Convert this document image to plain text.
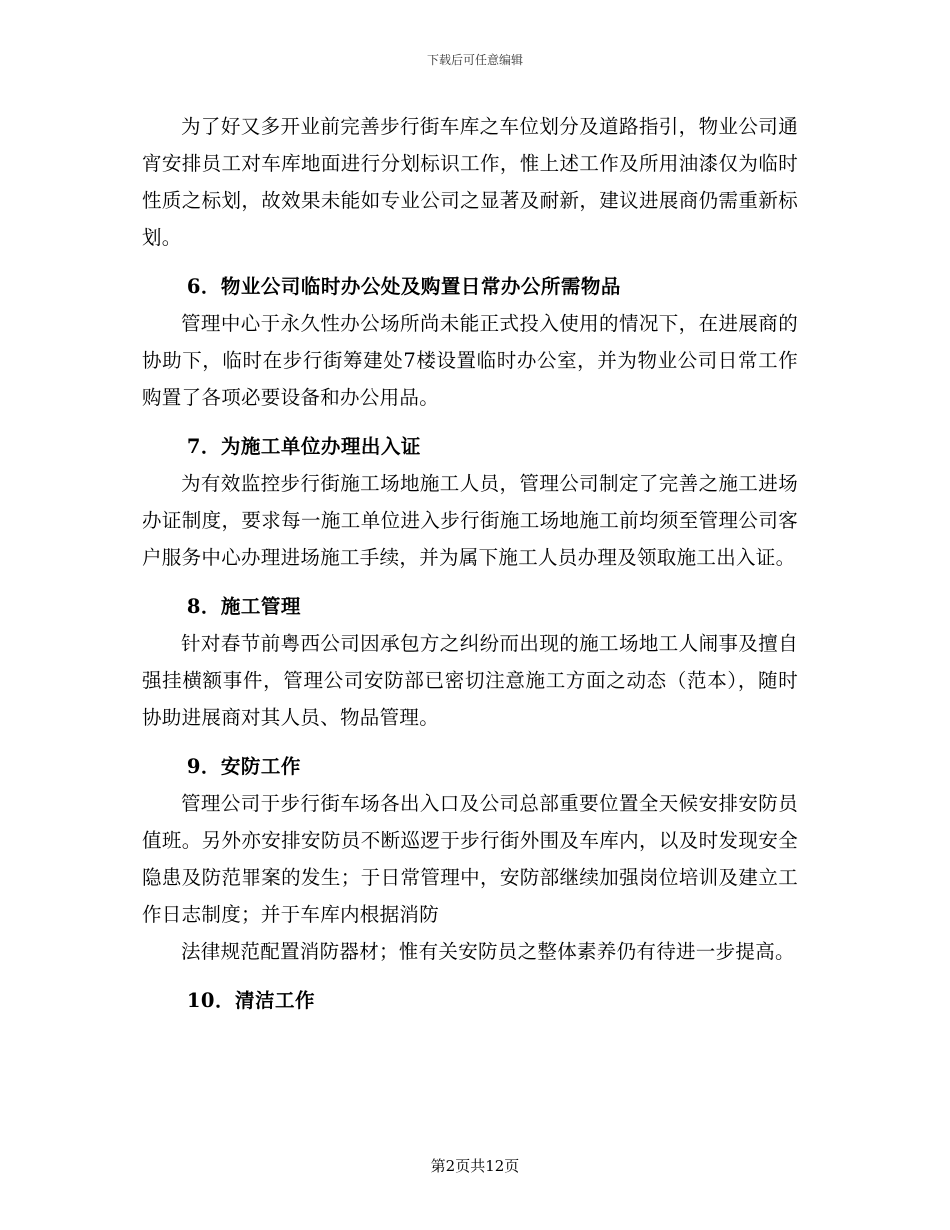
下载后可任意编辑

为了好又多开业前完善步行街车库之车位划分及道路指引，物业公司通宵安排员工对车库地面进行分划标识工作，惟上述工作及所用油漆仅为临时性质之标划，故效果未能如专业公司之显著及耐新，建议进展商仍需重新标划。

6．物业公司临时办公处及购置日常办公所需物品

管理中心于永久性办公场所尚未能正式投入使用的情况下，在进展商的协助下，临时在步行街筹建处7楼设置临时办公室，并为物业公司日常工作购置了各项必要设备和办公用品。

7．为施工单位办理出入证

为有效监控步行街施工场地施工人员，管理公司制定了完善之施工进场办证制度，要求每一施工单位进入步行街施工场地施工前均须至管理公司客户服务中心办理进场施工手续，并为属下施工人员办理及领取施工出入证。

8．施工管理

针对春节前粤西公司因承包方之纠纷而出现的施工场地工人闹事及擅自强挂横额事件，管理公司安防部已密切注意施工方面之动态（范本），随时协助进展商对其人员、物品管理。

9．安防工作

管理公司于步行街车场各出入口及公司总部重要位置全天候安排安防员值班。另外亦安排安防员不断巡逻于步行街外围及车库内，以及时发现安全隐患及防范罪案的发生；于日常管理中，安防部继续加强岗位培训及建立工作日志制度；并于车库内根据消防

法律规范配置消防器材；惟有关安防员之整体素养仍有待进一步提高。

10．清洁工作

第2页共12页
